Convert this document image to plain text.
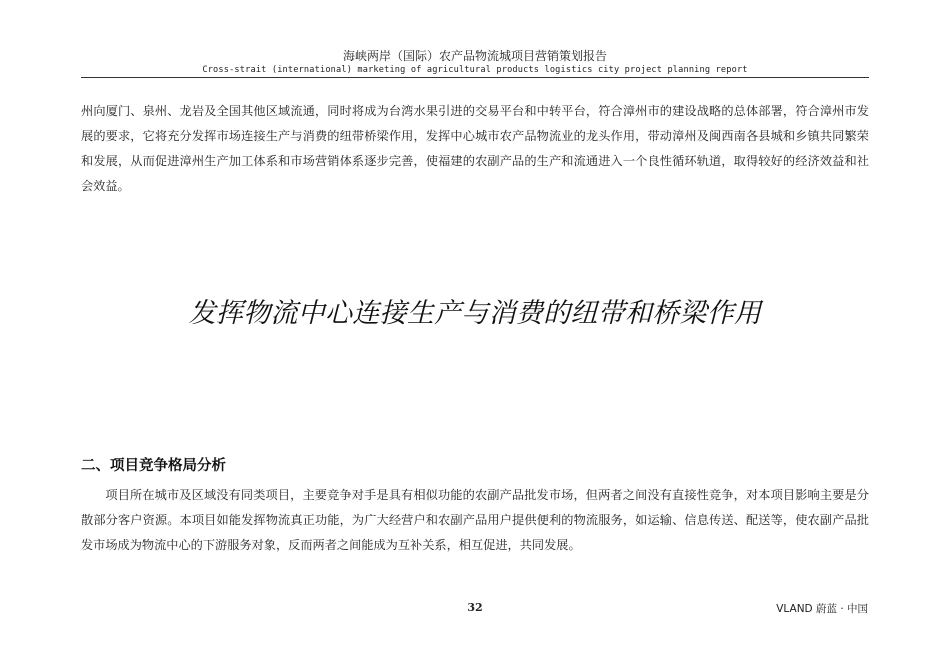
海峡两岸（国际）农产品物流城项目营销策划报告
Cross-strait (international) marketing of agricultural products logistics city project planning report

州向厦门、泉州、龙岩及全国其他区域流通，同时将成为台湾水果引进的交易平台和中转平台，符合漳州市的建设战略的总体部署，符合漳州市发展的要求，它将充分发挥市场连接生产与消费的纽带桥梁作用，发挥中心城市农产品物流业的龙头作用，带动漳州及闽西南各县城和乡镇共同繁荣和发展，从而促进漳州生产加工体系和市场营销体系逐步完善，使福建的农副产品的生产和流通进入一个良性循环轨道，取得较好的经济效益和社会效益。

发挥物流中心连接生产与消费的纽带和桥梁作用
二、项目竞争格局分析

项目所在城市及区域没有同类项目，主要竞争对手是具有相似功能的农副产品批发市场，但两者之间没有直接性竞争，对本项目影响主要是分散部分客户资源。本项目如能发挥物流真正功能，为广大经营户和农副产品用户提供便利的物流服务，如运输、信息传送、配送等，使农副产品批发市场成为物流中心的下游服务对象，反而两者之间能成为互补关系，相互促进，共同发展。

32	VLAND 蔚蓝 · 中国
